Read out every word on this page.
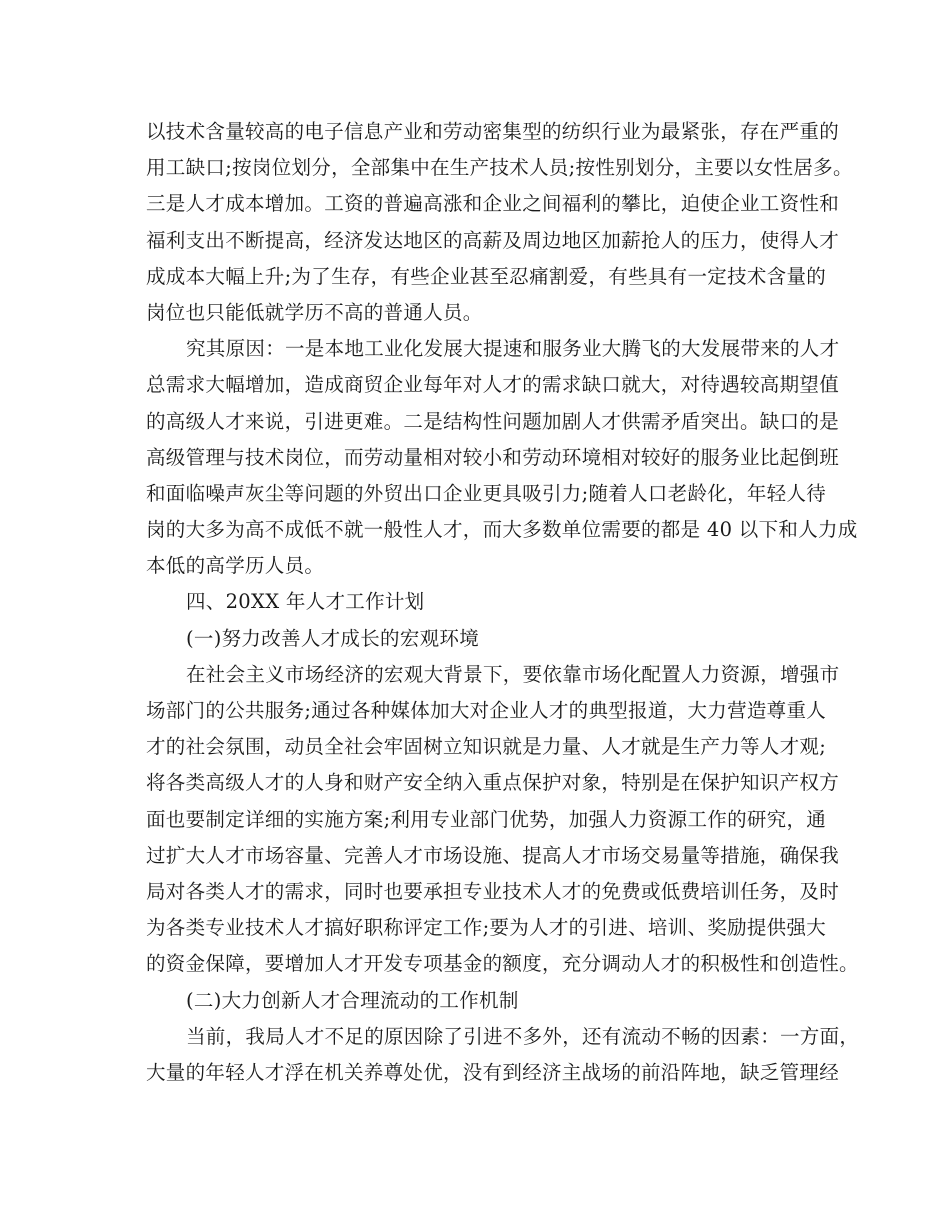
以技术含量较高的电子信息产业和劳动密集型的纺织行业为最紧张，存在严重的
用工缺口;按岗位划分，全部集中在生产技术人员;按性别划分，主要以女性居多。
三是人才成本增加。工资的普遍高涨和企业之间福利的攀比，迫使企业工资性和
福利支出不断提高，经济发达地区的高薪及周边地区加薪抢人的压力，使得人才
成成本大幅上升;为了生存，有些企业甚至忍痛割爱，有些具有一定技术含量的
岗位也只能低就学历不高的普通人员。
究其原因：一是本地工业化发展大提速和服务业大腾飞的大发展带来的人才
总需求大幅增加，造成商贸企业每年对人才的需求缺口就大，对待遇较高期望值
的高级人才来说，引进更难。二是结构性问题加剧人才供需矛盾突出。缺口的是
高级管理与技术岗位，而劳动量相对较小和劳动环境相对较好的服务业比起倒班
和面临噪声灰尘等问题的外贸出口企业更具吸引力;随着人口老龄化，年轻人待
岗的大多为高不成低不就一般性人才，而大多数单位需要的都是 40 以下和人力成
本低的高学历人员。
四、20XX 年人才工作计划
(一)努力改善人才成长的宏观环境
在社会主义市场经济的宏观大背景下，要依靠市场化配置人力资源，增强市
场部门的公共服务;通过各种媒体加大对企业人才的典型报道，大力营造尊重人
才的社会氛围，动员全社会牢固树立知识就是力量、人才就是生产力等人才观;
将各类高级人才的人身和财产安全纳入重点保护对象，特别是在保护知识产权方
面也要制定详细的实施方案;利用专业部门优势，加强人力资源工作的研究，通
过扩大人才市场容量、完善人才市场设施、提高人才市场交易量等措施，确保我
局对各类人才的需求，同时也要承担专业技术人才的免费或低费培训任务，及时
为各类专业技术人才搞好职称评定工作;要为人才的引进、培训、奖励提供强大
的资金保障，要增加人才开发专项基金的额度，充分调动人才的积极性和创造性。
(二)大力创新人才合理流动的工作机制
当前，我局人才不足的原因除了引进不多外，还有流动不畅的因素：一方面，
大量的年轻人才浮在机关养尊处优，没有到经济主战场的前沿阵地，缺乏管理经
